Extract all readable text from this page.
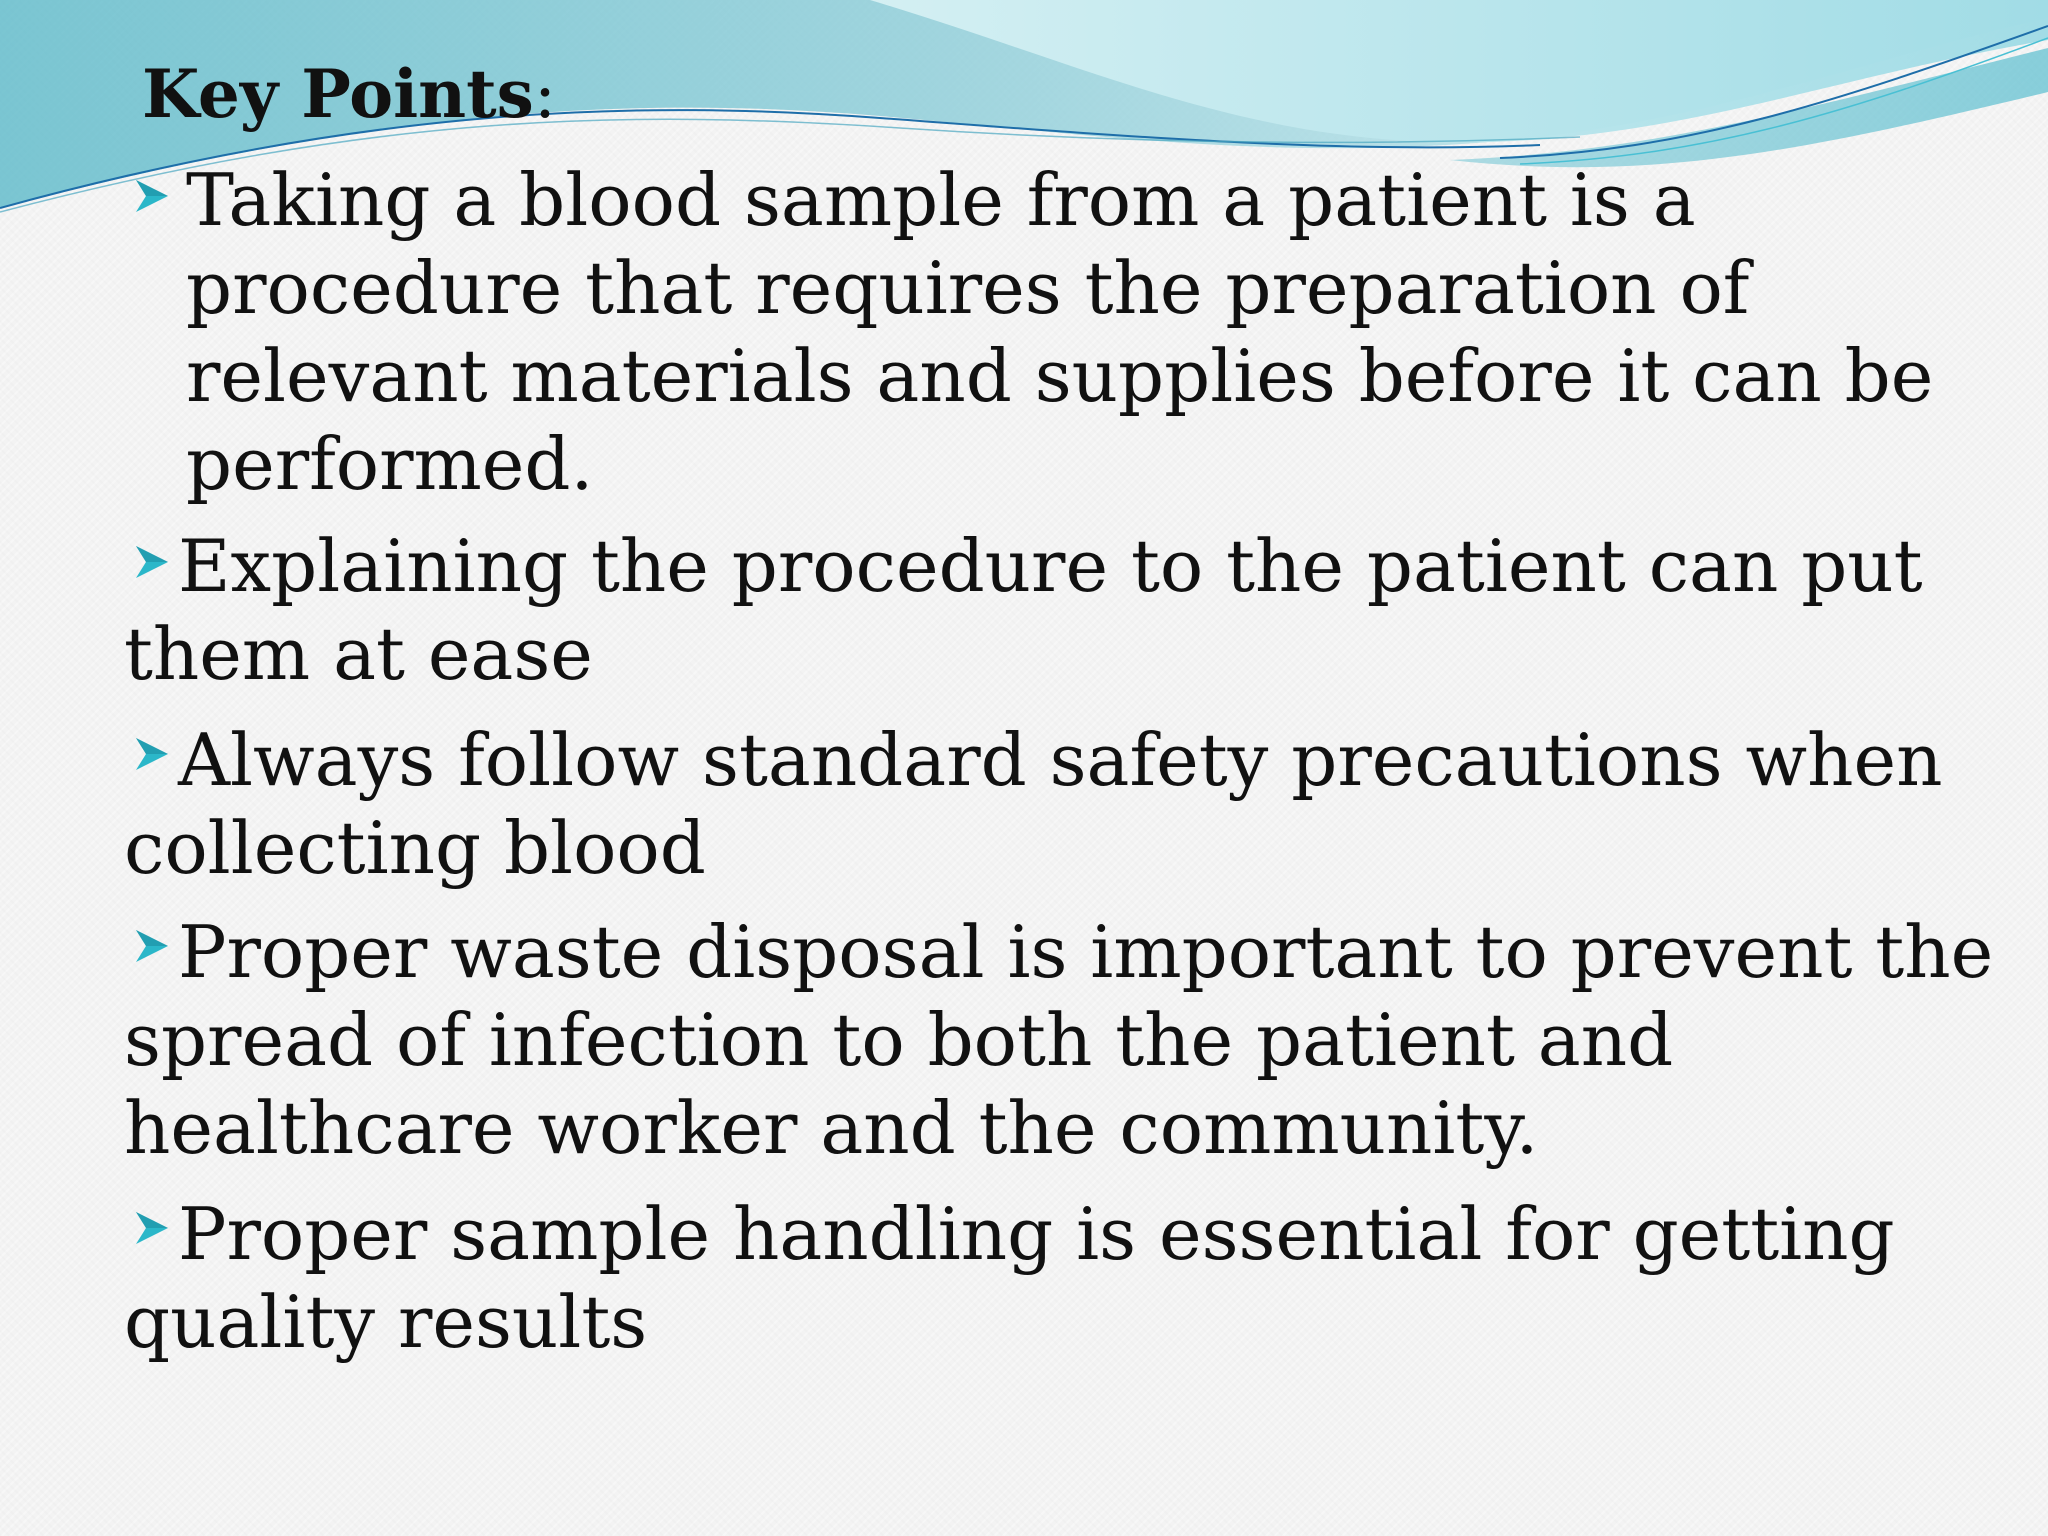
Key Points:

Taking a blood sample from a patient is a
procedure that requires the preparation of
relevant materials and supplies before it can be
performed.

Explaining the procedure to the patient can put
them at ease

Always follow standard safety precautions when
collecting blood

Proper waste disposal is important to prevent the
spread of infection to both the patient and
healthcare worker and the community.

Proper sample handling is essential for getting
quality results
